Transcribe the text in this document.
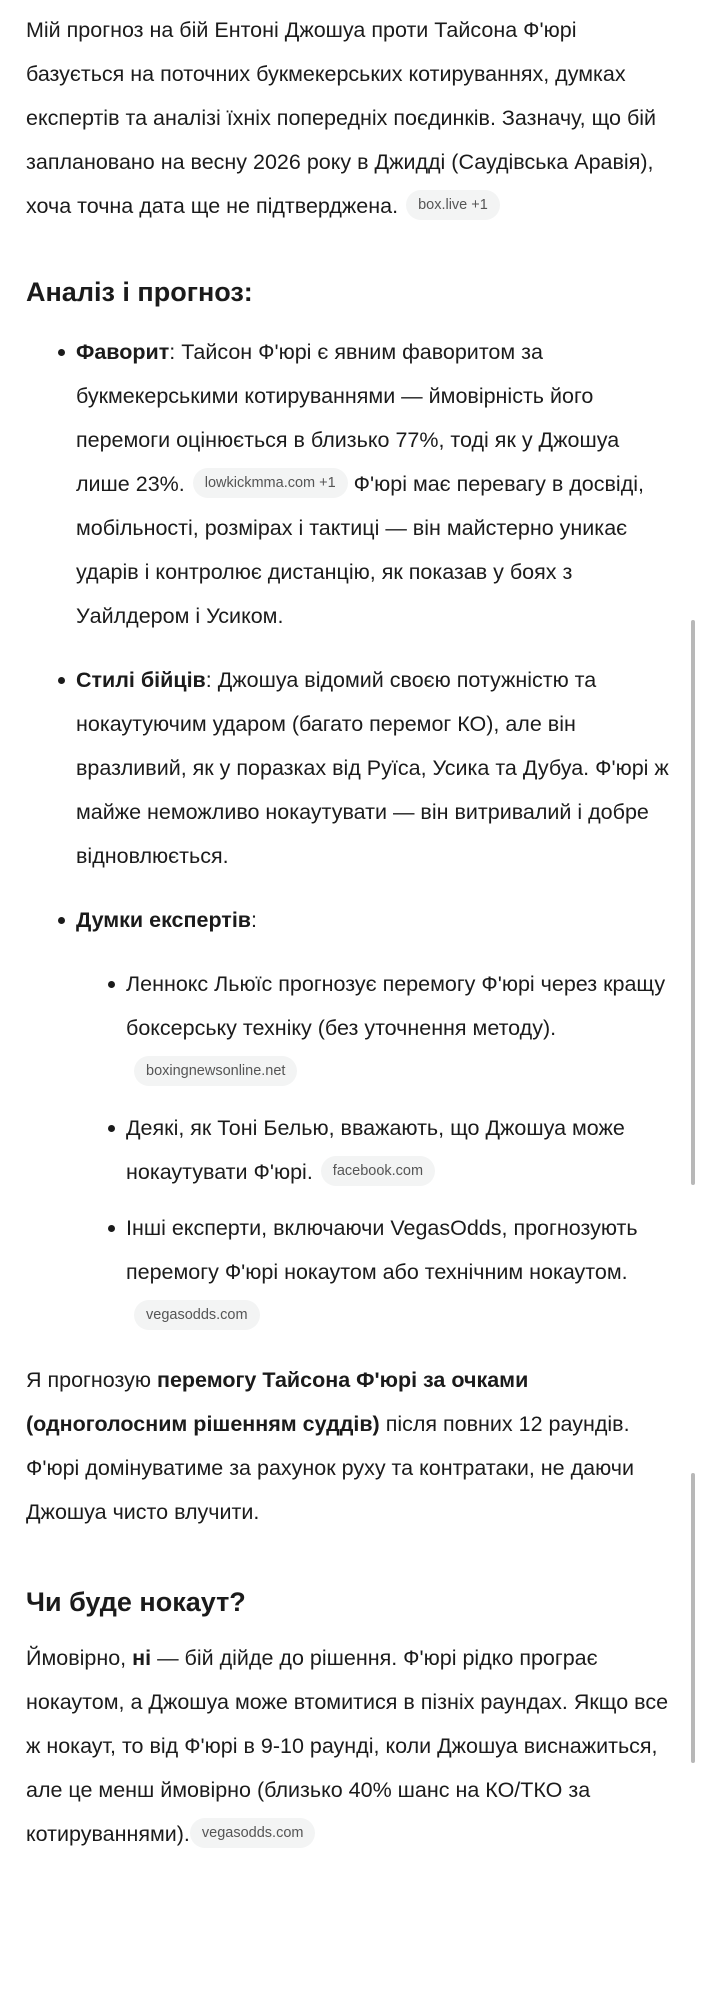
Мій прогноз на бій Ентоні Джошуа проти Тайсона Ф'юрі базується на поточних букмекерських котируваннях, думках експертів та аналізі їхніх попередніх поєдинків. Зазначу, що бій заплановано на весну 2026 року в Джидді (Саудівська Аравія), хоча точна дата ще не підтверджена. box.live +1

Аналіз і прогноз:
Фаворит: Тайсон Ф'юрі є явним фаворитом за букмекерськими котируваннями — ймовірність його перемоги оцінюється в близько 77%, тоді як у Джошуа лише 23%. lowkickmma.com +1 Ф'юрі має перевагу в досвіді, мобільності, розмірах і тактиці — він майстерно уникає ударів і контролює дистанцію, як показав у боях з Уайлдером і Усиком.
Стилі бійців: Джошуа відомий своєю потужністю та нокаутуючим ударом (багато перемог КО), але він вразливий, як у поразках від Руїса, Усика та Дубуа. Ф'юрі ж майже неможливо нокаутувати — він витривалий і добре відновлюється.
Думки експертів:
Леннокс Льюїс прогнозує перемогу Ф'юрі через кращу боксерську техніку (без уточнення методу).boxingnewsonline.net
Деякі, як Тоні Белью, вважають, що Джошуа може нокаутувати Ф'юрі. facebook.com
Інші експерти, включаючи VegasOdds, прогнозують перемогу Ф'юрі нокаутом або технічним нокаутом.vegasodds.com

Я прогнозую перемогу Тайсона Ф'юрі за очками (одноголосним рішенням суддів) після повних 12 раундів. Ф'юрі домінуватиме за рахунок руху та контратаки, не даючи Джошуа чисто влучити.

Чи буде нокаут?

Ймовірно, ні — бій дійде до рішення. Ф'юрі рідко програє нокаутом, а Джошуа може втомитися в пізніх раундах. Якщо все ж нокаут, то від Ф'юрі в 9-10 раунді, коли Джошуа виснажиться, але це менш ймовірно (близько 40% шанс на КО/ТКО за котируваннями). vegasodds.com
